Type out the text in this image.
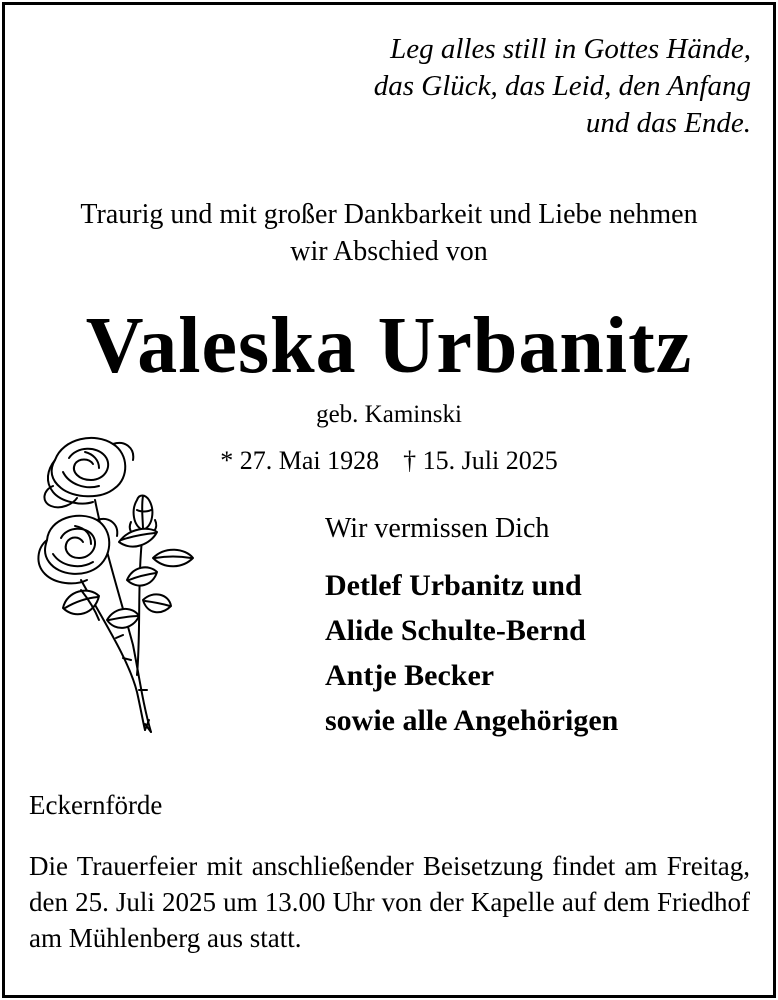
Leg alles still in Gottes Hände,
das Glück, das Leid, den Anfang
und das Ende.
Traurig und mit großer Dankbarkeit und Liebe nehmen
wir Abschied von
Valeska Urbanitz
geb. Kaminski
* 27. Mai 1928 † 15. Juli 2025
Wir vermissen Dich
Detlef Urbanitz und
Alide Schulte-Bernd
Antje Becker
sowie alle Angehörigen
Eckernförde
Die Trauerfeier mit anschließender Beisetzung findet am Freitag, den 25. Juli 2025 um 13.00 Uhr von der Kapelle auf dem Friedhof am Mühlenberg aus statt.
